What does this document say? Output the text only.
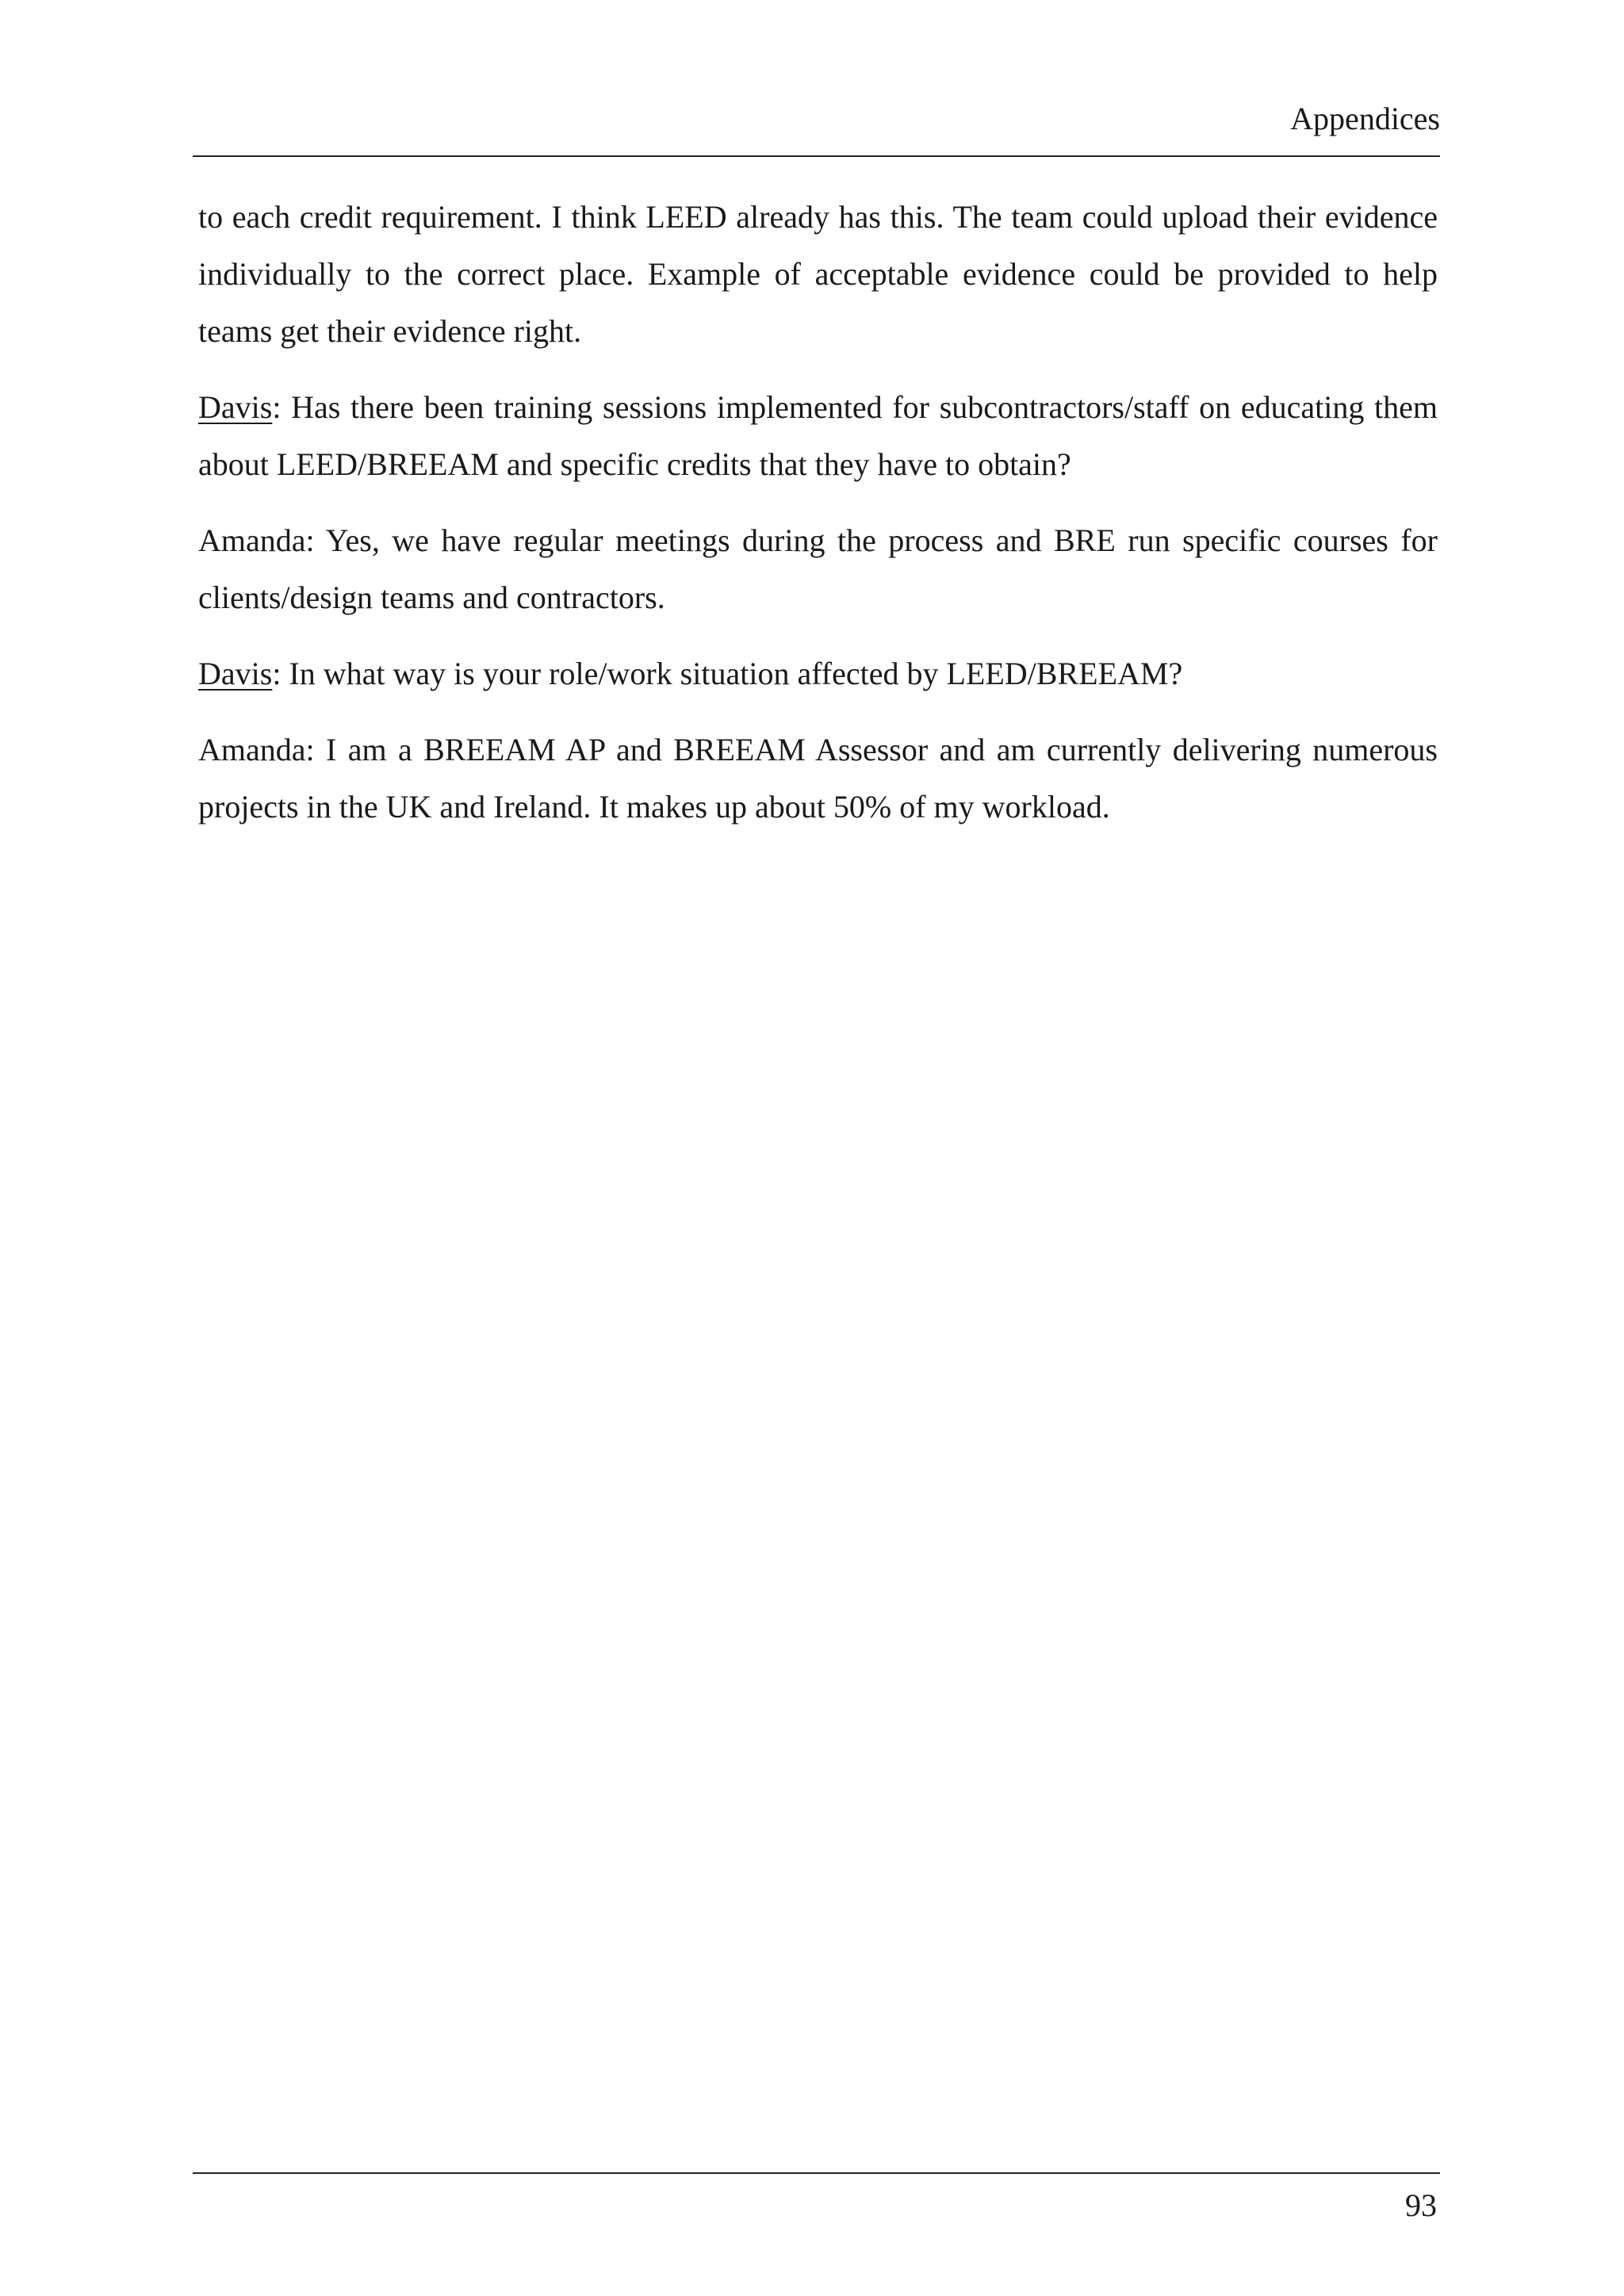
Appendices

to each credit requirement. I think LEED already has this. The team could upload their evidence individually to the correct place. Example of acceptable evidence could be provided to help teams get their evidence right.

Davis: Has there been training sessions implemented for subcontractors/staff on educating them about LEED/BREEAM and specific credits that they have to obtain?

Amanda: Yes, we have regular meetings during the process and BRE run specific courses for clients/design teams and contractors.

Davis: In what way is your role/work situation affected by LEED/BREEAM?

Amanda: I am a BREEAM AP and BREEAM Assessor and am currently delivering numerous projects in the UK and Ireland. It makes up about 50% of my workload.

93
